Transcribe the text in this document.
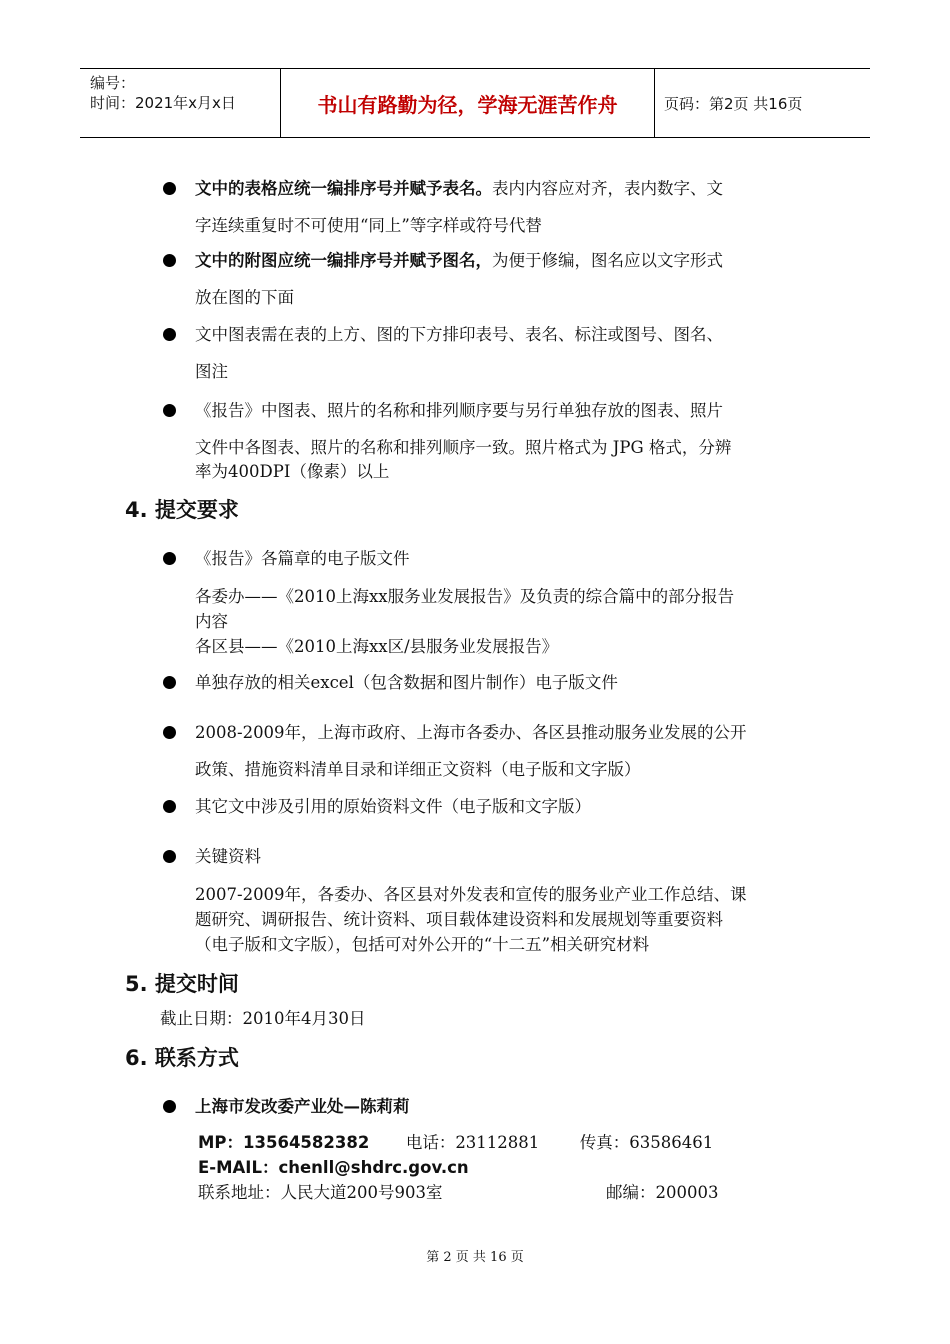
编号：
时间：2021年x月x日	书山有路勤为径，学海无涯苦作舟	页码：第2页 共16页
文中的表格应统一编排序号并赋予表名。表内内容应对齐，表内数字、文
字连续重复时不可使用“同上”等字样或符号代替
文中的附图应统一编排序号并赋予图名，为便于修编，图名应以文字形式
放在图的下面
文中图表需在表的上方、图的下方排印表号、表名、标注或图号、图名、
图注
《报告》中图表、照片的名称和排列顺序要与另行单独存放的图表、照片
文件中各图表、照片的名称和排列顺序一致。照片格式为 JPG 格式，分辨
率为400DPI（像素）以上
4. 提交要求
《报告》各篇章的电子版文件
各委办——《2010上海xx服务业发展报告》及负责的综合篇中的部分报告
内容
各区县——《2010上海xx区/县服务业发展报告》
单独存放的相关excel（包含数据和图片制作）电子版文件
2008-2009年，上海市政府、上海市各委办、各区县推动服务业发展的公开
政策、措施资料清单目录和详细正文资料（电子版和文字版）
其它文中涉及引用的原始资料文件（电子版和文字版）
关键资料
2007-2009年，各委办、各区县对外发表和宣传的服务业产业工作总结、课
题研究、调研报告、统计资料、项目载体建设资料和发展规划等重要资料
（电子版和文字版），包括可对外公开的“十二五”相关研究材料
5. 提交时间
截止日期：2010年4月30日
6. 联系方式
上海市发改委产业处—陈莉莉
MP：13564582382 电话：23112881 传真：63586461
E-MAIL：chenll@shdrc.gov.cn
联系地址：人民大道200号903室	邮编：200003
第 2 页 共 16 页
